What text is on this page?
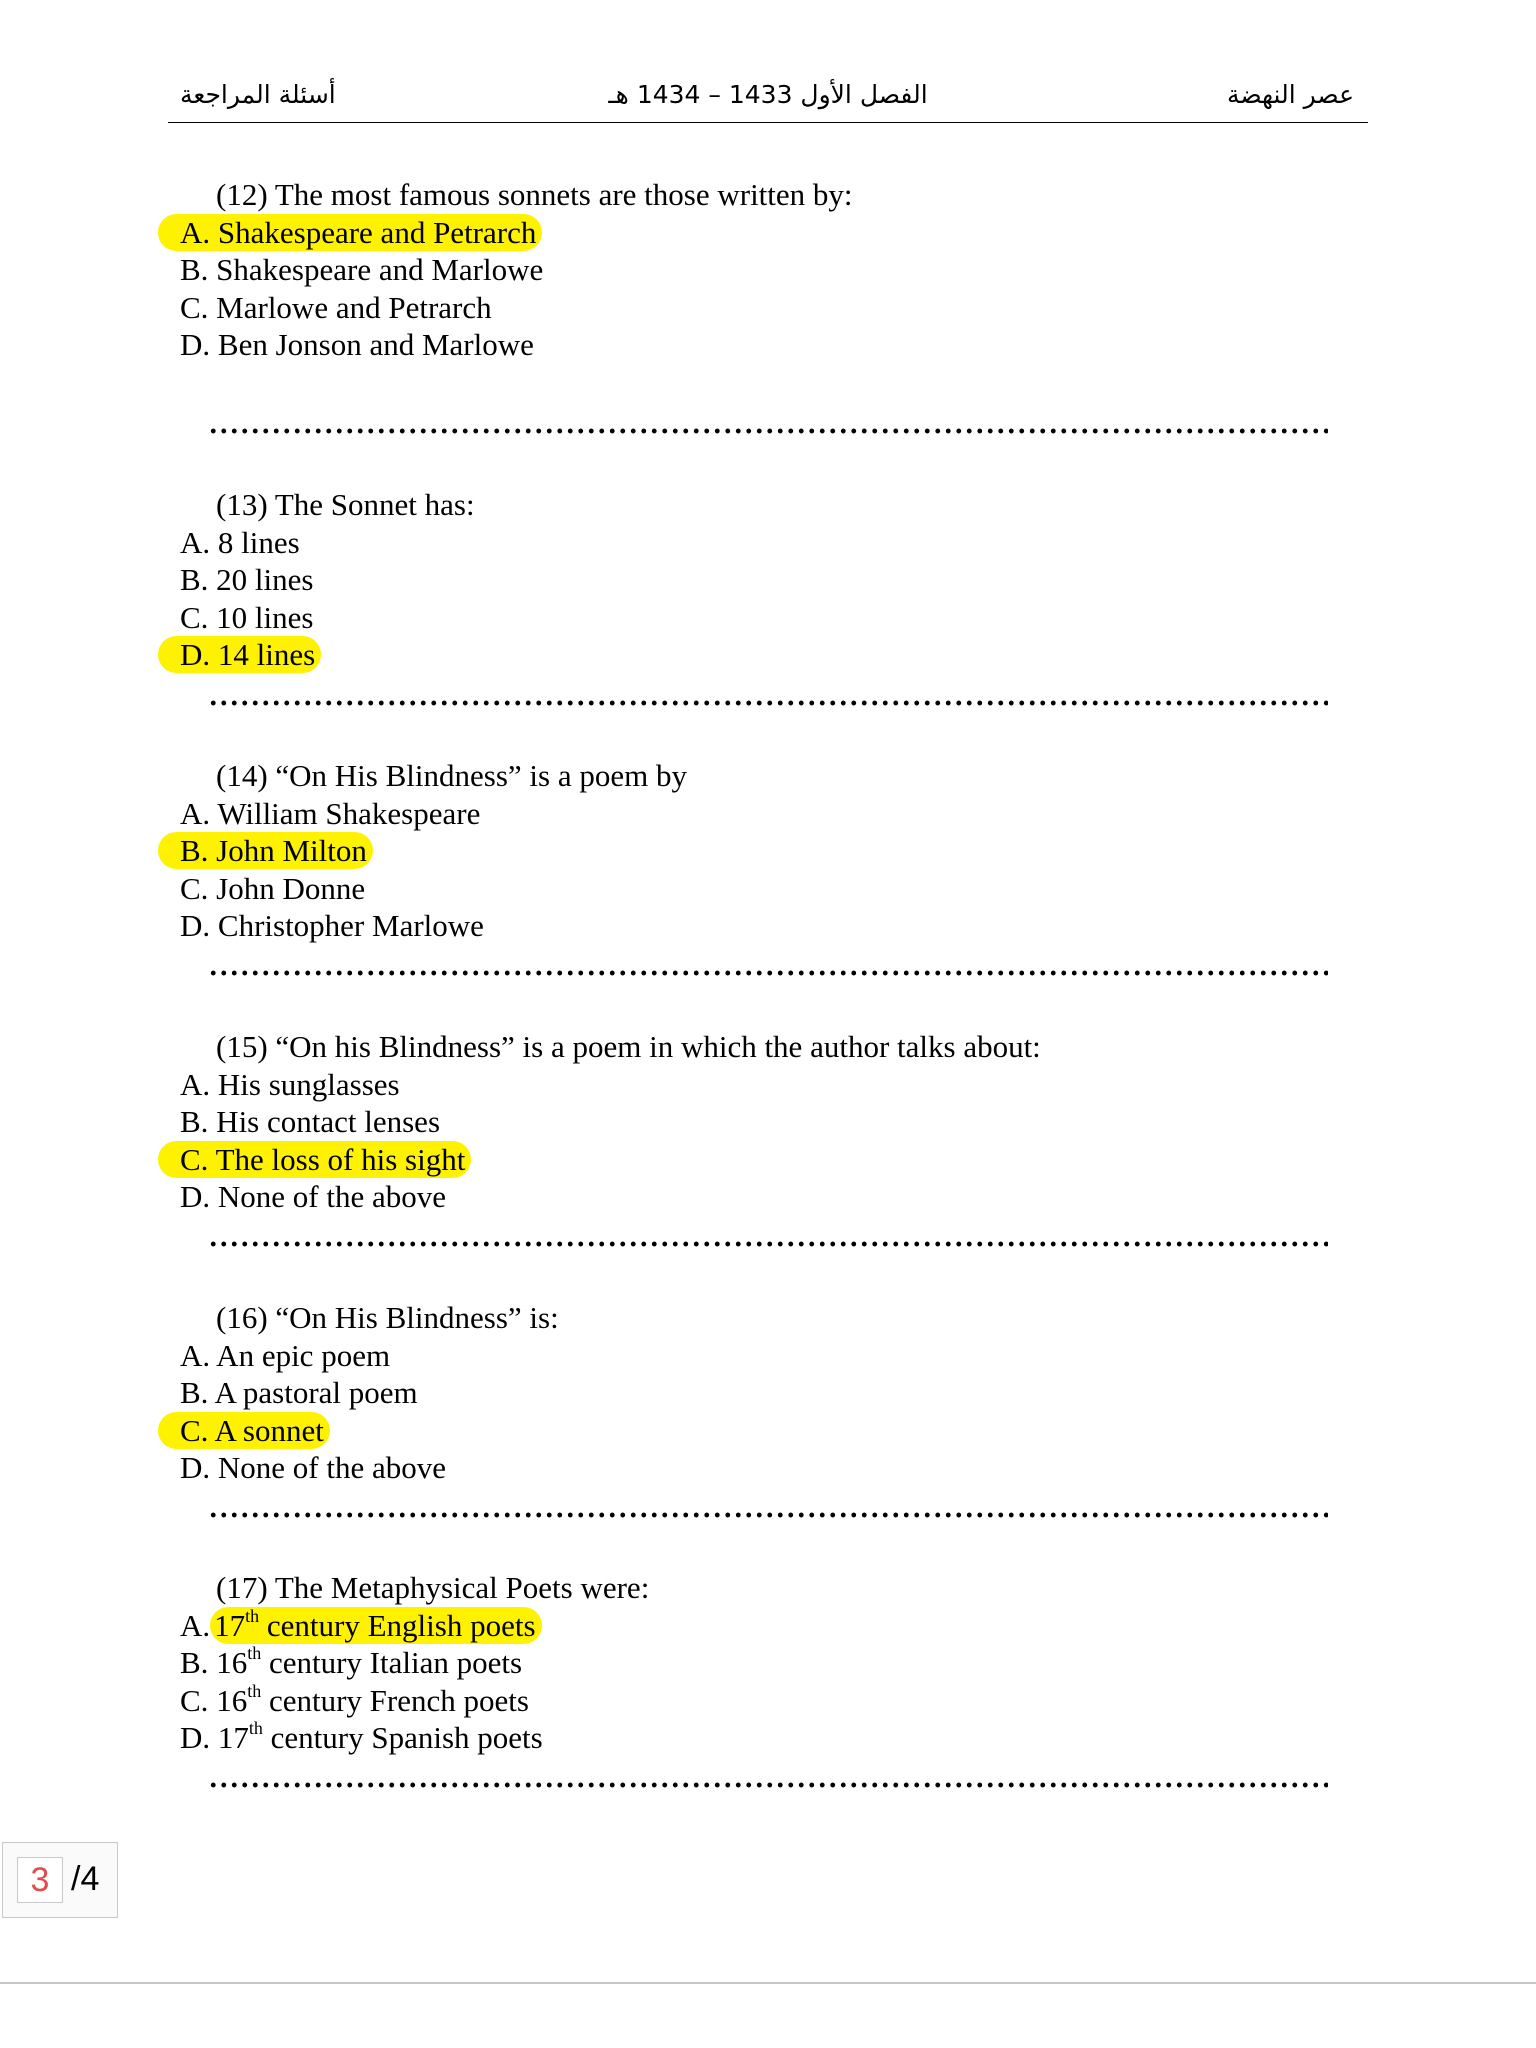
أسئلة المراجعة	الفصل الأول 1433 – 1434 هـ	عصر النهضة
(12) The most famous sonnets are those written by:
A. Shakespeare and Petrarch
B. Shakespeare and Marlowe
C. Marlowe and Petrarch
D. Ben Jonson and Marlowe
(13) The Sonnet has:
A. 8 lines
B. 20 lines
C. 10 lines
D. 14 lines
(14) “On His Blindness” is a poem by
A. William Shakespeare
B. John Milton
C. John Donne
D. Christopher Marlowe
(15) “On his Blindness” is a poem in which the author talks about:
A. His sunglasses
B. His contact lenses
C. The loss of his sight
D. None of the above
(16) “On His Blindness” is:
A. An epic poem
B. A pastoral poem
C. A sonnet
D. None of the above
(17) The Metaphysical Poets were:
A. 17th century English poets
B. 16th century Italian poets
C. 16th century French poets
D. 17th century Spanish poets
3 /4
